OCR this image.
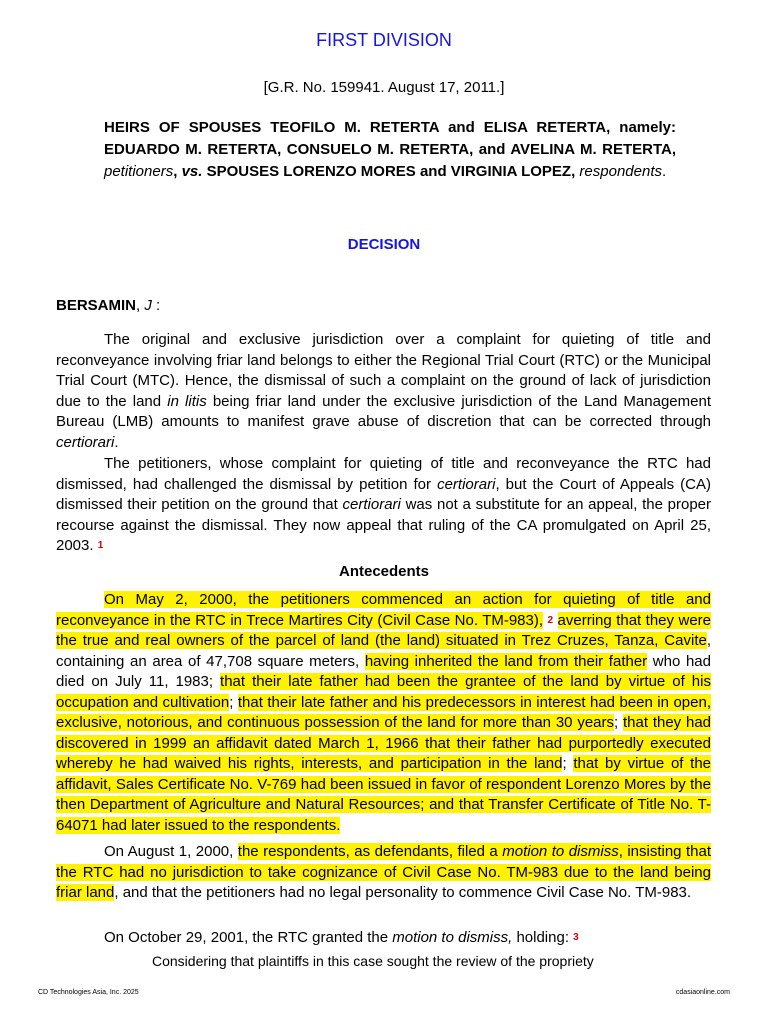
FIRST DIVISION
[G.R. No. 159941. August 17, 2011.]
HEIRS OF SPOUSES TEOFILO M. RETERTA and ELISA RETERTA, namely: EDUARDO M. RETERTA, CONSUELO M. RETERTA, and AVELINA M. RETERTA, petitioners, vs. SPOUSES LORENZO MORES and VIRGINIA LOPEZ, respondents.
DECISION
BERSAMIN, J :
The original and exclusive jurisdiction over a complaint for quieting of title and reconveyance involving friar land belongs to either the Regional Trial Court (RTC) or the Municipal Trial Court (MTC). Hence, the dismissal of such a complaint on the ground of lack of jurisdiction due to the land in litis being friar land under the exclusive jurisdiction of the Land Management Bureau (LMB) amounts to manifest grave abuse of discretion that can be corrected through certiorari.
The petitioners, whose complaint for quieting of title and reconveyance the RTC had dismissed, had challenged the dismissal by petition for certiorari, but the Court of Appeals (CA) dismissed their petition on the ground that certiorari was not a substitute for an appeal, the proper recourse against the dismissal. They now appeal that ruling of the CA promulgated on April 25, 2003. 1
Antecedents
On May 2, 2000, the petitioners commenced an action for quieting of title and reconveyance in the RTC in Trece Martires City (Civil Case No. TM-983), 2 averring that they were the true and real owners of the parcel of land (the land) situated in Trez Cruzes, Tanza, Cavite, containing an area of 47,708 square meters, having inherited the land from their father who had died on July 11, 1983; that their late father had been the grantee of the land by virtue of his occupation and cultivation; that their late father and his predecessors in interest had been in open, exclusive, notorious, and continuous possession of the land for more than 30 years; that they had discovered in 1999 an affidavit dated March 1, 1966 that their father had purportedly executed whereby he had waived his rights, interests, and participation in the land; that by virtue of the affidavit, Sales Certificate No. V-769 had been issued in favor of respondent Lorenzo Mores by the then Department of Agriculture and Natural Resources; and that Transfer Certificate of Title No. T-64071 had later issued to the respondents.
On August 1, 2000, the respondents, as defendants, filed a motion to dismiss, insisting that the RTC had no jurisdiction to take cognizance of Civil Case No. TM-983 due to the land being friar land, and that the petitioners had no legal personality to commence Civil Case No. TM-983.
On October 29, 2001, the RTC granted the motion to dismiss, holding: 3
Considering that plaintiffs in this case sought the review of the propriety
CD Technologies Asia, Inc. 2025	cdasiaonline.com
